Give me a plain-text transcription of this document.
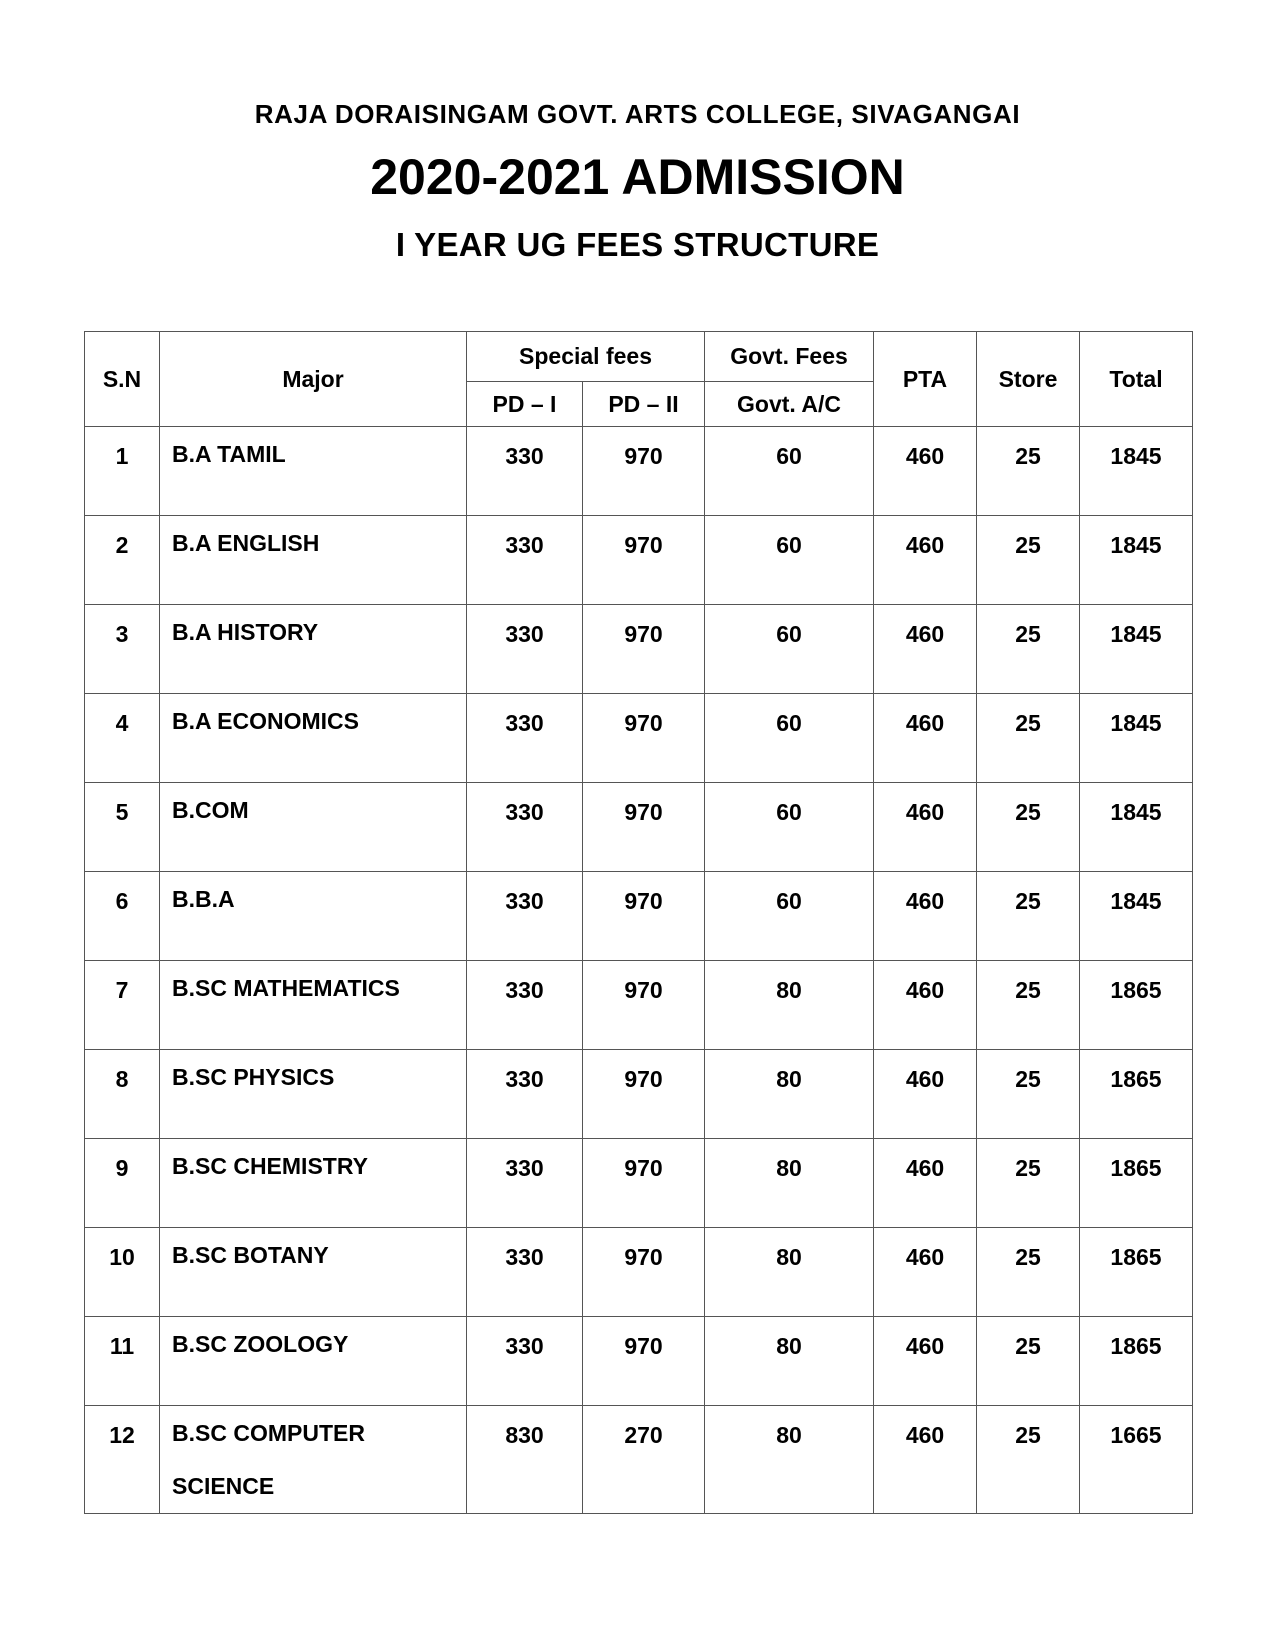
RAJA DORAISINGAM GOVT. ARTS COLLEGE, SIVAGANGAI
2020-2021 ADMISSION
I YEAR UG FEES STRUCTURE
S.N	Major	Special fees		Govt. Fees	PTA	Store	Total
		PD – I	PD – II	Govt. A/C			
1	B.A TAMIL	330	970	60	460	25	1845
2	B.A ENGLISH	330	970	60	460	25	1845
3	B.A HISTORY	330	970	60	460	25	1845
4	B.A ECONOMICS	330	970	60	460	25	1845
5	B.COM	330	970	60	460	25	1845
6	B.B.A	330	970	60	460	25	1845
7	B.SC MATHEMATICS	330	970	80	460	25	1865
8	B.SC PHYSICS	330	970	80	460	25	1865
9	B.SC CHEMISTRY	330	970	80	460	25	1865
10	B.SC BOTANY	330	970	80	460	25	1865
11	B.SC ZOOLOGY	330	970	80	460	25	1865
12	B.SC COMPUTER SCIENCE	830	270	80	460	25	1665
